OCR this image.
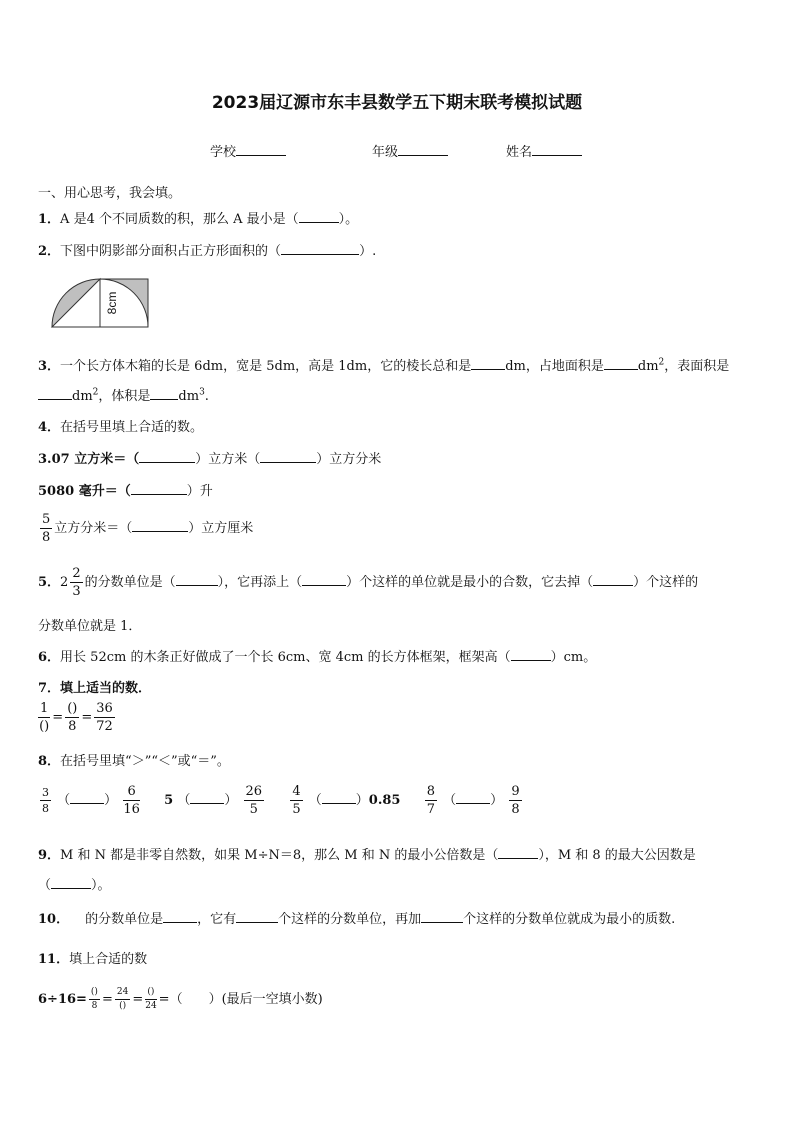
2023届辽源市东丰县数学五下期末联考模拟试题
学校	年级	姓名
一、用心思考，我会填。
1．A 是4 个不同质数的积，那么 A 最小是（	）。
2．下图中阴影部分面积占正方形面积的（	）.
8cm
3．一个长方体木箱的长是 6dm，宽是 5dm，高是 1dm，它的棱长总和是	dm，占地面积是	$dm^2$，表面积是
$dm^2$，体积是 $dm^3$.
4．在括号里填上合适的数。
3.07 立方米＝（	）立方米（	）立方分米
5080 毫升＝（	）升
$\frac{5}{8}$ 立方分米＝（	）立方厘米
5．$2 \frac{2}{3}$ 的分数单位是（	），它再添上（	）个这样的单位就是最小的合数，它去掉（	）个这样的
分数单位就是 1．
6．用长 52cm 的木条正好做成了一个长 6cm、宽 4cm 的长方体框架，框架高（	）cm。
7．填上适当的数．
$\frac{1}{()} = \frac{()}{8} = \frac{36}{72}$
8．在括号里填“＞”“＜”或“＝”。
$\frac{3}{8}$ （	） $\frac{6}{16} 5$ （	） $\frac{26}{5}$
$\frac{4}{5}$ （	）$0.85 \frac{8}{7}$ （	） $\frac{9}{8}$
9．M 和 N 都是非零自然数，如果 M÷N＝8，那么 M 和 N 的最小公倍数是（	），M 和 8 的最大公因数是
（	）。
10． 的分数单位是	，它有	个这样的分数单位，再加	个这样的分数单位就成为最小的质数.
11．填上合适的数
$6\div 16= \frac{()}{8} = \frac{24}{()} = \frac{()}{24}$ =（　　）(最后一空填小数)
